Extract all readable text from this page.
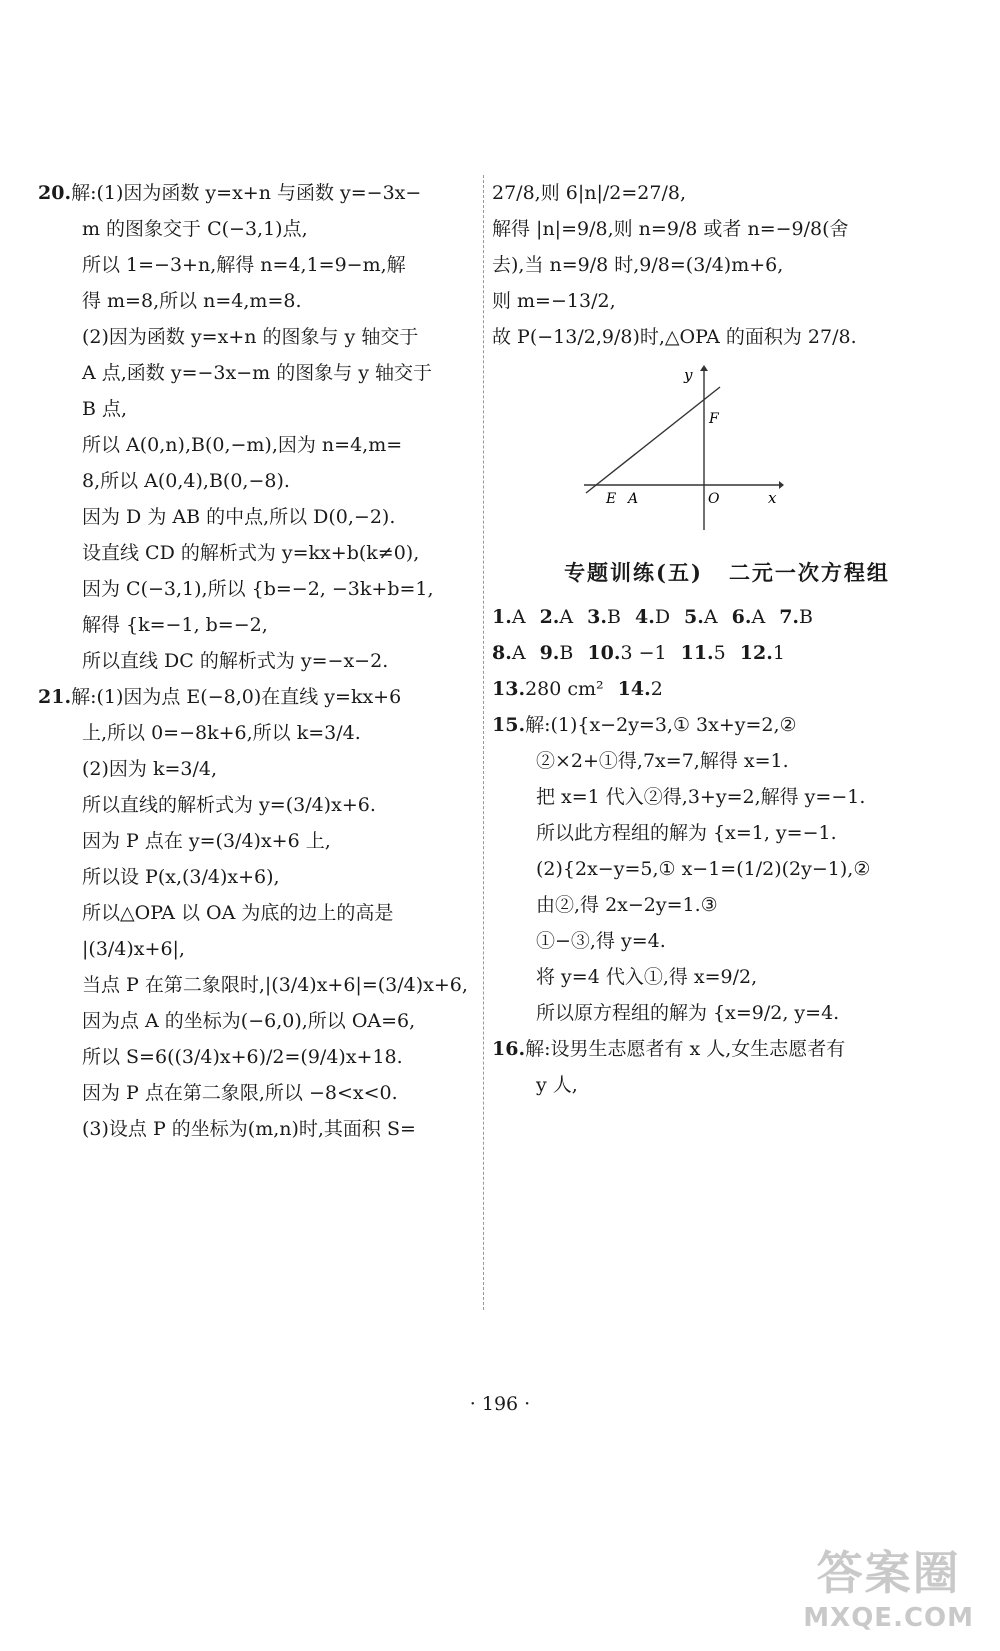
20.解:(1)因为函数 y=x+n 与函数 y=−3x−
m 的图象交于 C(−3,1)点,
所以 1=−3+n,解得 n=4,1=9−m,解
得 m=8,所以 n=4,m=8.
(2)因为函数 y=x+n 的图象与 y 轴交于
A 点,函数 y=−3x−m 的图象与 y 轴交于
B 点,
所以 A(0,n),B(0,−m),因为 n=4,m=
8,所以 A(0,4),B(0,−8).
因为 D 为 AB 的中点,所以 D(0,−2).
设直线 CD 的解析式为 y=kx+b(k≠0),
因为 C(−3,1),所以 {b=−2, −3k+b=1,
解得 {k=−1, b=−2,
所以直线 DC 的解析式为 y=−x−2.
21.解:(1)因为点 E(−8,0)在直线 y=kx+6
上,所以 0=−8k+6,所以 k=3/4.
(2)因为 k=3/4,
所以直线的解析式为 y=(3/4)x+6.
因为 P 点在 y=(3/4)x+6 上,
所以设 P(x,(3/4)x+6),
所以△OPA 以 OA 为底的边上的高是
|(3/4)x+6|,
当点 P 在第二象限时,|(3/4)x+6|=(3/4)x+6,
因为点 A 的坐标为(−6,0),所以 OA=6,
所以 S=6((3/4)x+6)/2=(9/4)x+18.
因为 P 点在第二象限,所以 −8<x<0.
(3)设点 P 的坐标为(m,n)时,其面积 S=
27/8,则 6|n|/2=27/8,
解得 |n|=9/8,则 n=9/8 或者 n=−9/8(舍
去),当 n=9/8 时,9/8=(3/4)m+6,
则 m=−13/2,
故 P(−13/2,9/8)时,△OPA 的面积为 27/8.
y
x
F
E A	O
专题训练(五) 二元一次方程组
1.A 2.A 3.B 4.D 5.A 6.A 7.B
8.A 9.B 10.3 −1 11.5 12.1
13.280 cm² 14.2
15.解:(1){x−2y=3,① 3x+y=2,②
②×2+①得,7x=7,解得 x=1.
把 x=1 代入②得,3+y=2,解得 y=−1.
所以此方程组的解为 {x=1, y=−1.
(2){2x−y=5,① x−1=(1/2)(2y−1),②
由②,得 2x−2y=1.③
①−③,得 y=4.
将 y=4 代入①,得 x=9/2,
所以原方程组的解为 {x=9/2, y=4.
16.解:设男生志愿者有 x 人,女生志愿者有
y 人,
· 196 ·
答案圈
MXQE.COM
